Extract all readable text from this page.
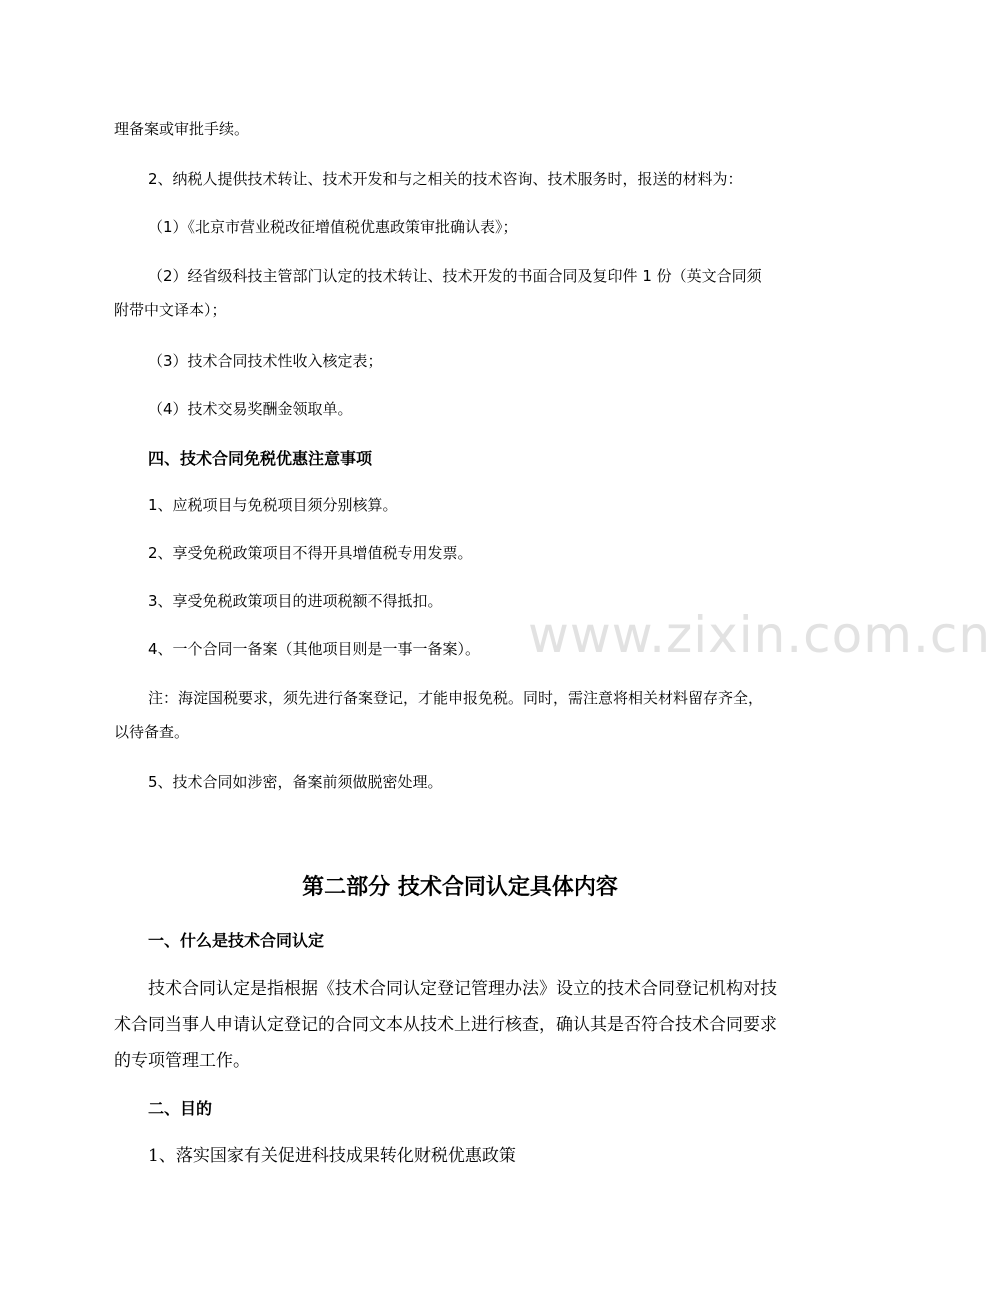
理备案或审批手续。

2、纳税人提供技术转让、技术开发和与之相关的技术咨询、技术服务时，报送的材料为：

（1）《北京市营业税改征增值税优惠政策审批确认表》；

（2）经省级科技主管部门认定的技术转让、技术开发的书面合同及复印件 1 份（英文合同须

附带中文译本）；

（3）技术合同技术性收入核定表；

（4）技术交易奖酬金领取单。

四、技术合同免税优惠注意事项

1、应税项目与免税项目须分别核算。

2、享受免税政策项目不得开具增值税专用发票。

3、享受免税政策项目的进项税额不得抵扣。

4、一个合同一备案（其他项目则是一事一备案）。

注：海淀国税要求，须先进行备案登记，才能申报免税。同时，需注意将相关材料留存齐全，

以待备查。

5、技术合同如涉密，备案前须做脱密处理。

第二部分 技术合同认定具体内容

一、什么是技术合同认定

技术合同认定是指根据《技术合同认定登记管理办法》设立的技术合同登记机构对技

术合同当事人申请认定登记的合同文本从技术上进行核查，确认其是否符合技术合同要求

的专项管理工作。

二、目的

1、落实国家有关促进科技成果转化财税优惠政策

www.zixin.com.cn
